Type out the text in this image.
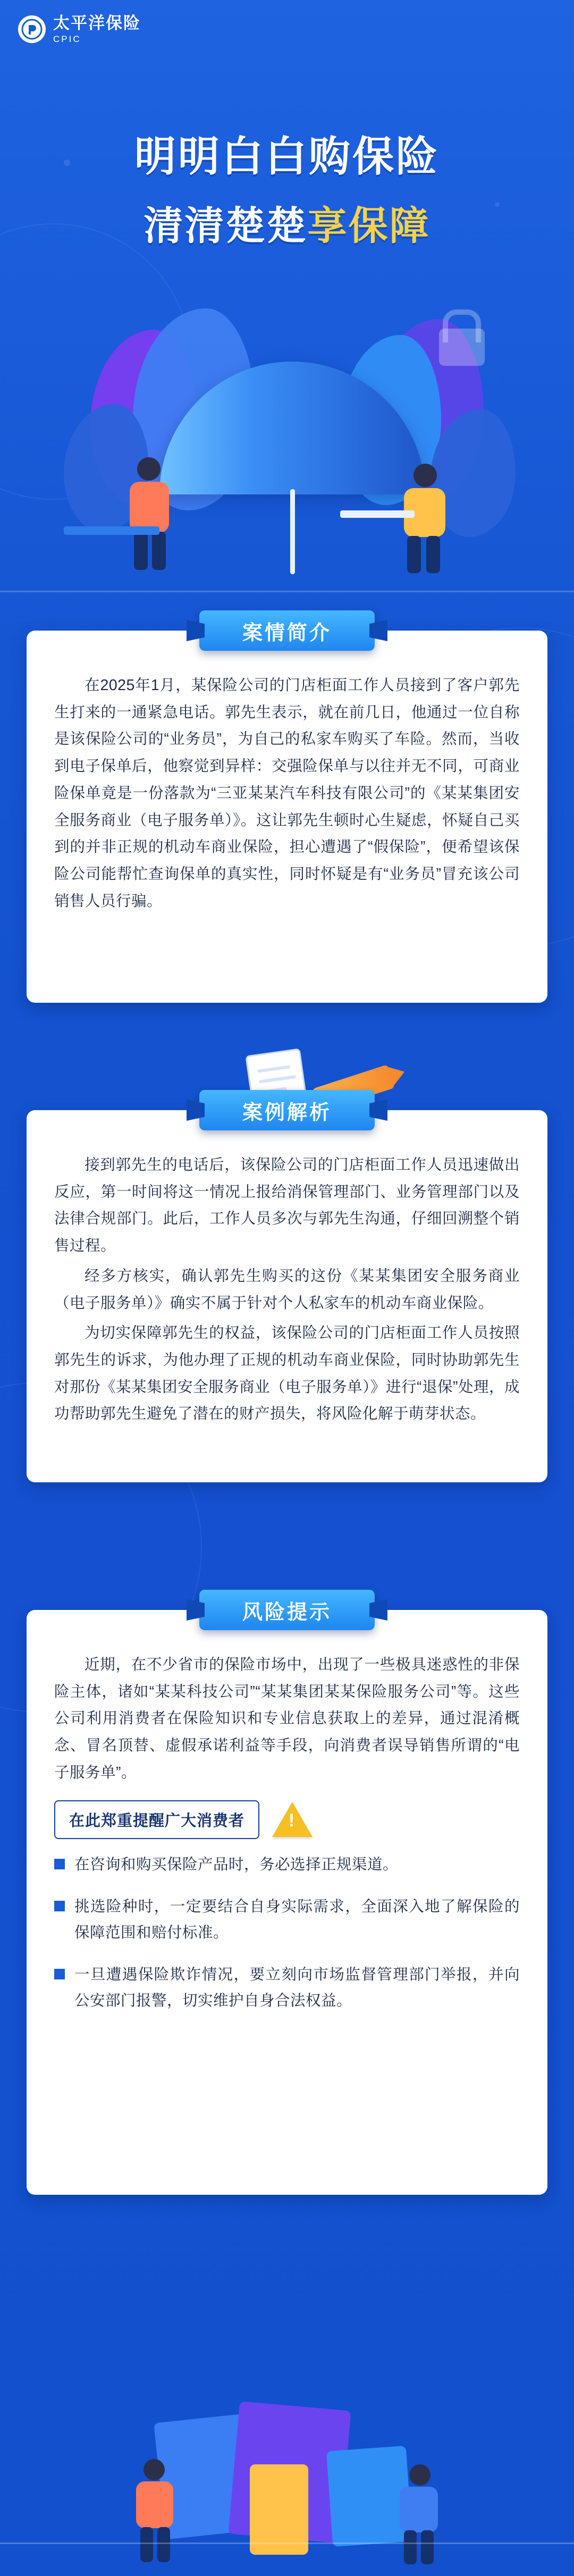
太平洋保险
CPIC
明明白白购保险
清清楚楚享保障
案情简介

在2025年1月，某保险公司的门店柜面工作人员接到了客户郭先生打来的一通紧急电话。郭先生表示，就在前几日，他通过一位自称是该保险公司的“业务员”，为自己的私家车购买了车险。然而，当收到电子保单后，他察觉到异样：交强险保单与以往并无不同，可商业险保单竟是一份落款为“三亚某某汽车科技有限公司”的《某某集团安全服务商业（电子服务单）》。这让郭先生顿时心生疑虑，怀疑自己买到的并非正规的机动车商业保险，担心遭遇了“假保险”，便希望该保险公司能帮忙查询保单的真实性，同时怀疑是有“业务员”冒充该公司销售人员行骗。

案例解析

接到郭先生的电话后，该保险公司的门店柜面工作人员迅速做出反应，第一时间将这一情况上报给消保管理部门、业务管理部门以及法律合规部门。此后，工作人员多次与郭先生沟通，仔细回溯整个销售过程。

经多方核实，确认郭先生购买的这份《某某集团安全服务商业（电子服务单）》确实不属于针对个人私家车的机动车商业保险。

为切实保障郭先生的权益，该保险公司的门店柜面工作人员按照郭先生的诉求，为他办理了正规的机动车商业保险，同时协助郭先生对那份《某某集团安全服务商业（电子服务单）》进行“退保”处理，成功帮助郭先生避免了潜在的财产损失，将风险化解于萌芽状态。

风险提示

近期，在不少省市的保险市场中，出现了一些极具迷惑性的非保险主体，诸如“某某科技公司”“某某集团某某保险服务公司”等。这些公司利用消费者在保险知识和专业信息获取上的差异，通过混淆概念、冒名顶替、虚假承诺利益等手段，向消费者误导销售所谓的“电子服务单”。

在此郑重提醒广大消费者
!
在咨询和购买保险产品时，务必选择正规渠道。
挑选险种时，一定要结合自身实际需求，全面深入地了解保险的保障范围和赔付标准。
一旦遭遇保险欺诈情况，要立刻向市场监督管理部门举报，并向公安部门报警，切实维护自身合法权益。
